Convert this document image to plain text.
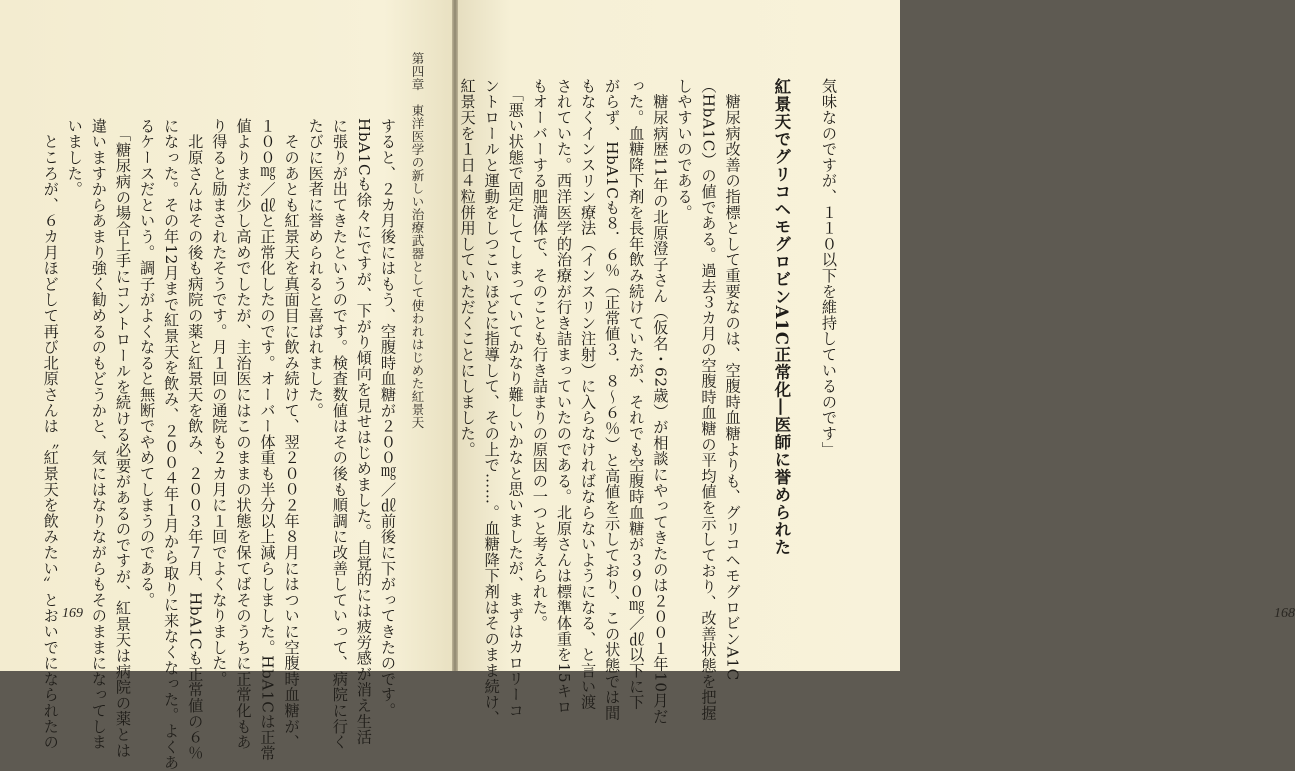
第四章　東洋医学の新しい治療武器として使われはじめた紅景天

すると、２カ月後にはもう、空腹時血糖が２００㎎／㎗前後に下がってきたのです。

HbA1Cも徐々にですが、下がり傾向を見せはじめました。自覚的には疲労感が消え生活

に張りが出てきたというのです。検査数値はその後も順調に改善していって、病院に行く

たびに医者に誉められると喜ばれました。

　そのあとも紅景天を真面目に飲み続けて、翌２００２年８月にはついに空腹時血糖が、

１００㎎／㎗と正常化したのです。オーバー体重も半分以上減らしました。HbA1Cは正常

値よりまだ少し高めでしたが、主治医にはこのままの状態を保てばそのうちに正常化もあ

り得ると励まされたそうです。月１回の通院も２カ月に１回でよくなりました。

　北原さんはその後も病院の薬と紅景天を飲み、２００３年７月、HbA1Cも正常値の６％

になった。その年12月まで紅景天を飲み、２００４年１月から取りに来なくなった。よくあ

るケースだという。調子がよくなると無断でやめてしまうのである。

　「糖尿病の場合上手にコントロールを続ける必要があるのですが、紅景天は病院の薬とは

違いますからあまり強く勧めるのもどうかと、気にはなりながらもそのままになってしま

いました。

　ところが、６カ月ほどして再び北原さんは〝紅景天を飲みたい〟とおいでになられたの 169	168

気味なのですが、１１０以下を維持しているのです」

紅景天でグリコヘモグロビンA1C正常化―医師に誉められた

　糖尿病改善の指標として重要なのは、空腹時血糖よりも、グリコヘモグロビンA1C

（HbA1C）の値である。過去３カ月の空腹時血糖の平均値を示しており、改善状態を把握

しやすいのである。

　糖尿病歴11年の北原澄子さん（仮名・62歳）が相談にやってきたのは２００１年10月だ

った。血糖降下剤を長年飲み続けていたが、それでも空腹時血糖が３９０㎎／㎗以下に下

がらず、HbA1Cも８．６％（正常値３．８〜６％）と高値を示しており、この状態では間

もなくインスリン療法（インスリン注射）に入らなければならないようになる、と言い渡

されていた。西洋医学的治療が行き詰まっていたのである。北原さんは標準体重を15キロ

もオーバーする肥満体で、そのことも行き詰まりの原因の一つと考えられた。

　「悪い状態で固定してしまっていてかなり難しいかなと思いましたが、まずはカロリーコ

ントロールと運動をしつこいほどに指導して、その上で……。血糖降下剤はそのまま続け、

紅景天を１日４粒併用していただくことにしました。
